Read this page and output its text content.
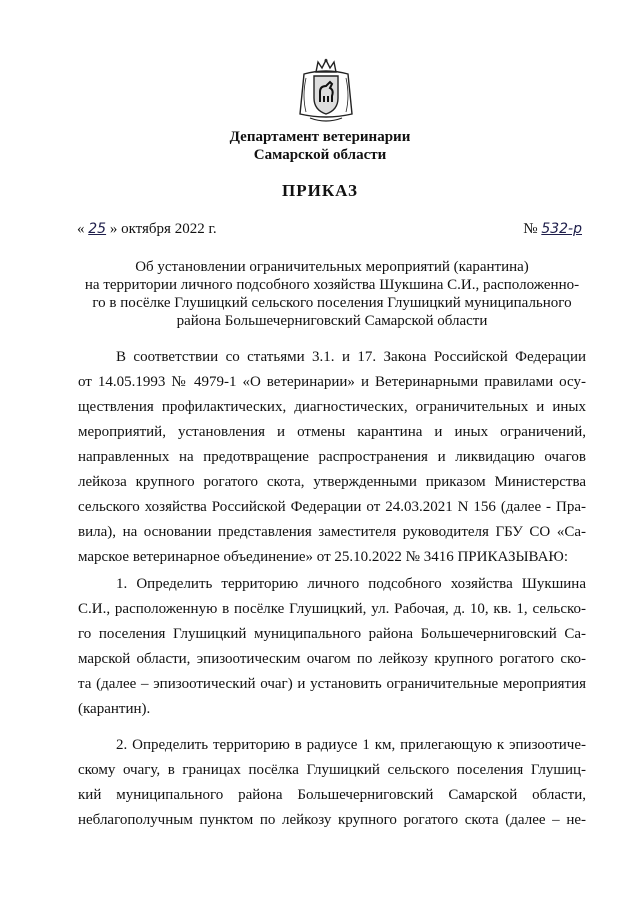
Департамент ветеринарии
Самарской области
ПРИКАЗ
« 25 » октября 2022 г.	№ 532-р
Об установлении ограничительных мероприятий (карантина)
на территории личного подсобного хозяйства Шукшина С.И., расположенно-
го в посёлке Глушицкий сельского поселения Глушицкий муниципального
района Большечерниговский Самарской области
В соответствии со статьями 3.1. и 17. Закона Российской Федерации
от 14.05.1993 № 4979-1 «О ветеринарии» и Ветеринарными правилами осу-
ществления профилактических, диагностических, ограничительных и иных
мероприятий, установления и отмены карантина и иных ограничений,
направленных на предотвращение распространения и ликвидацию очагов
лейкоза крупного рогатого скота, утвержденными приказом Министерства
сельского хозяйства Российской Федерации от 24.03.2021 N 156 (далее - Пра-
вила), на основании представления заместителя руководителя ГБУ СО «Са-
марское ветеринарное объединение» от 25.10.2022 № 3416 ПРИКАЗЫВАЮ:
1. Определить территорию личного подсобного хозяйства Шукшина
С.И., расположенную в посёлке Глушицкий, ул. Рабочая, д. 10, кв. 1, сельско-
го поселения Глушицкий муниципального района Большечерниговский Са-
марской области, эпизоотическим очагом по лейкозу крупного рогатого ско-
та (далее – эпизоотический очаг) и установить ограничительные мероприятия
(карантин).
2. Определить территорию в радиусе 1 км, прилегающую к эпизоотиче-
скому очагу, в границах посёлка Глушицкий сельского поселения Глушиц-
кий муниципального района Большечерниговский Самарской области,
неблагополучным пунктом по лейкозу крупного рогатого скота (далее – не-
